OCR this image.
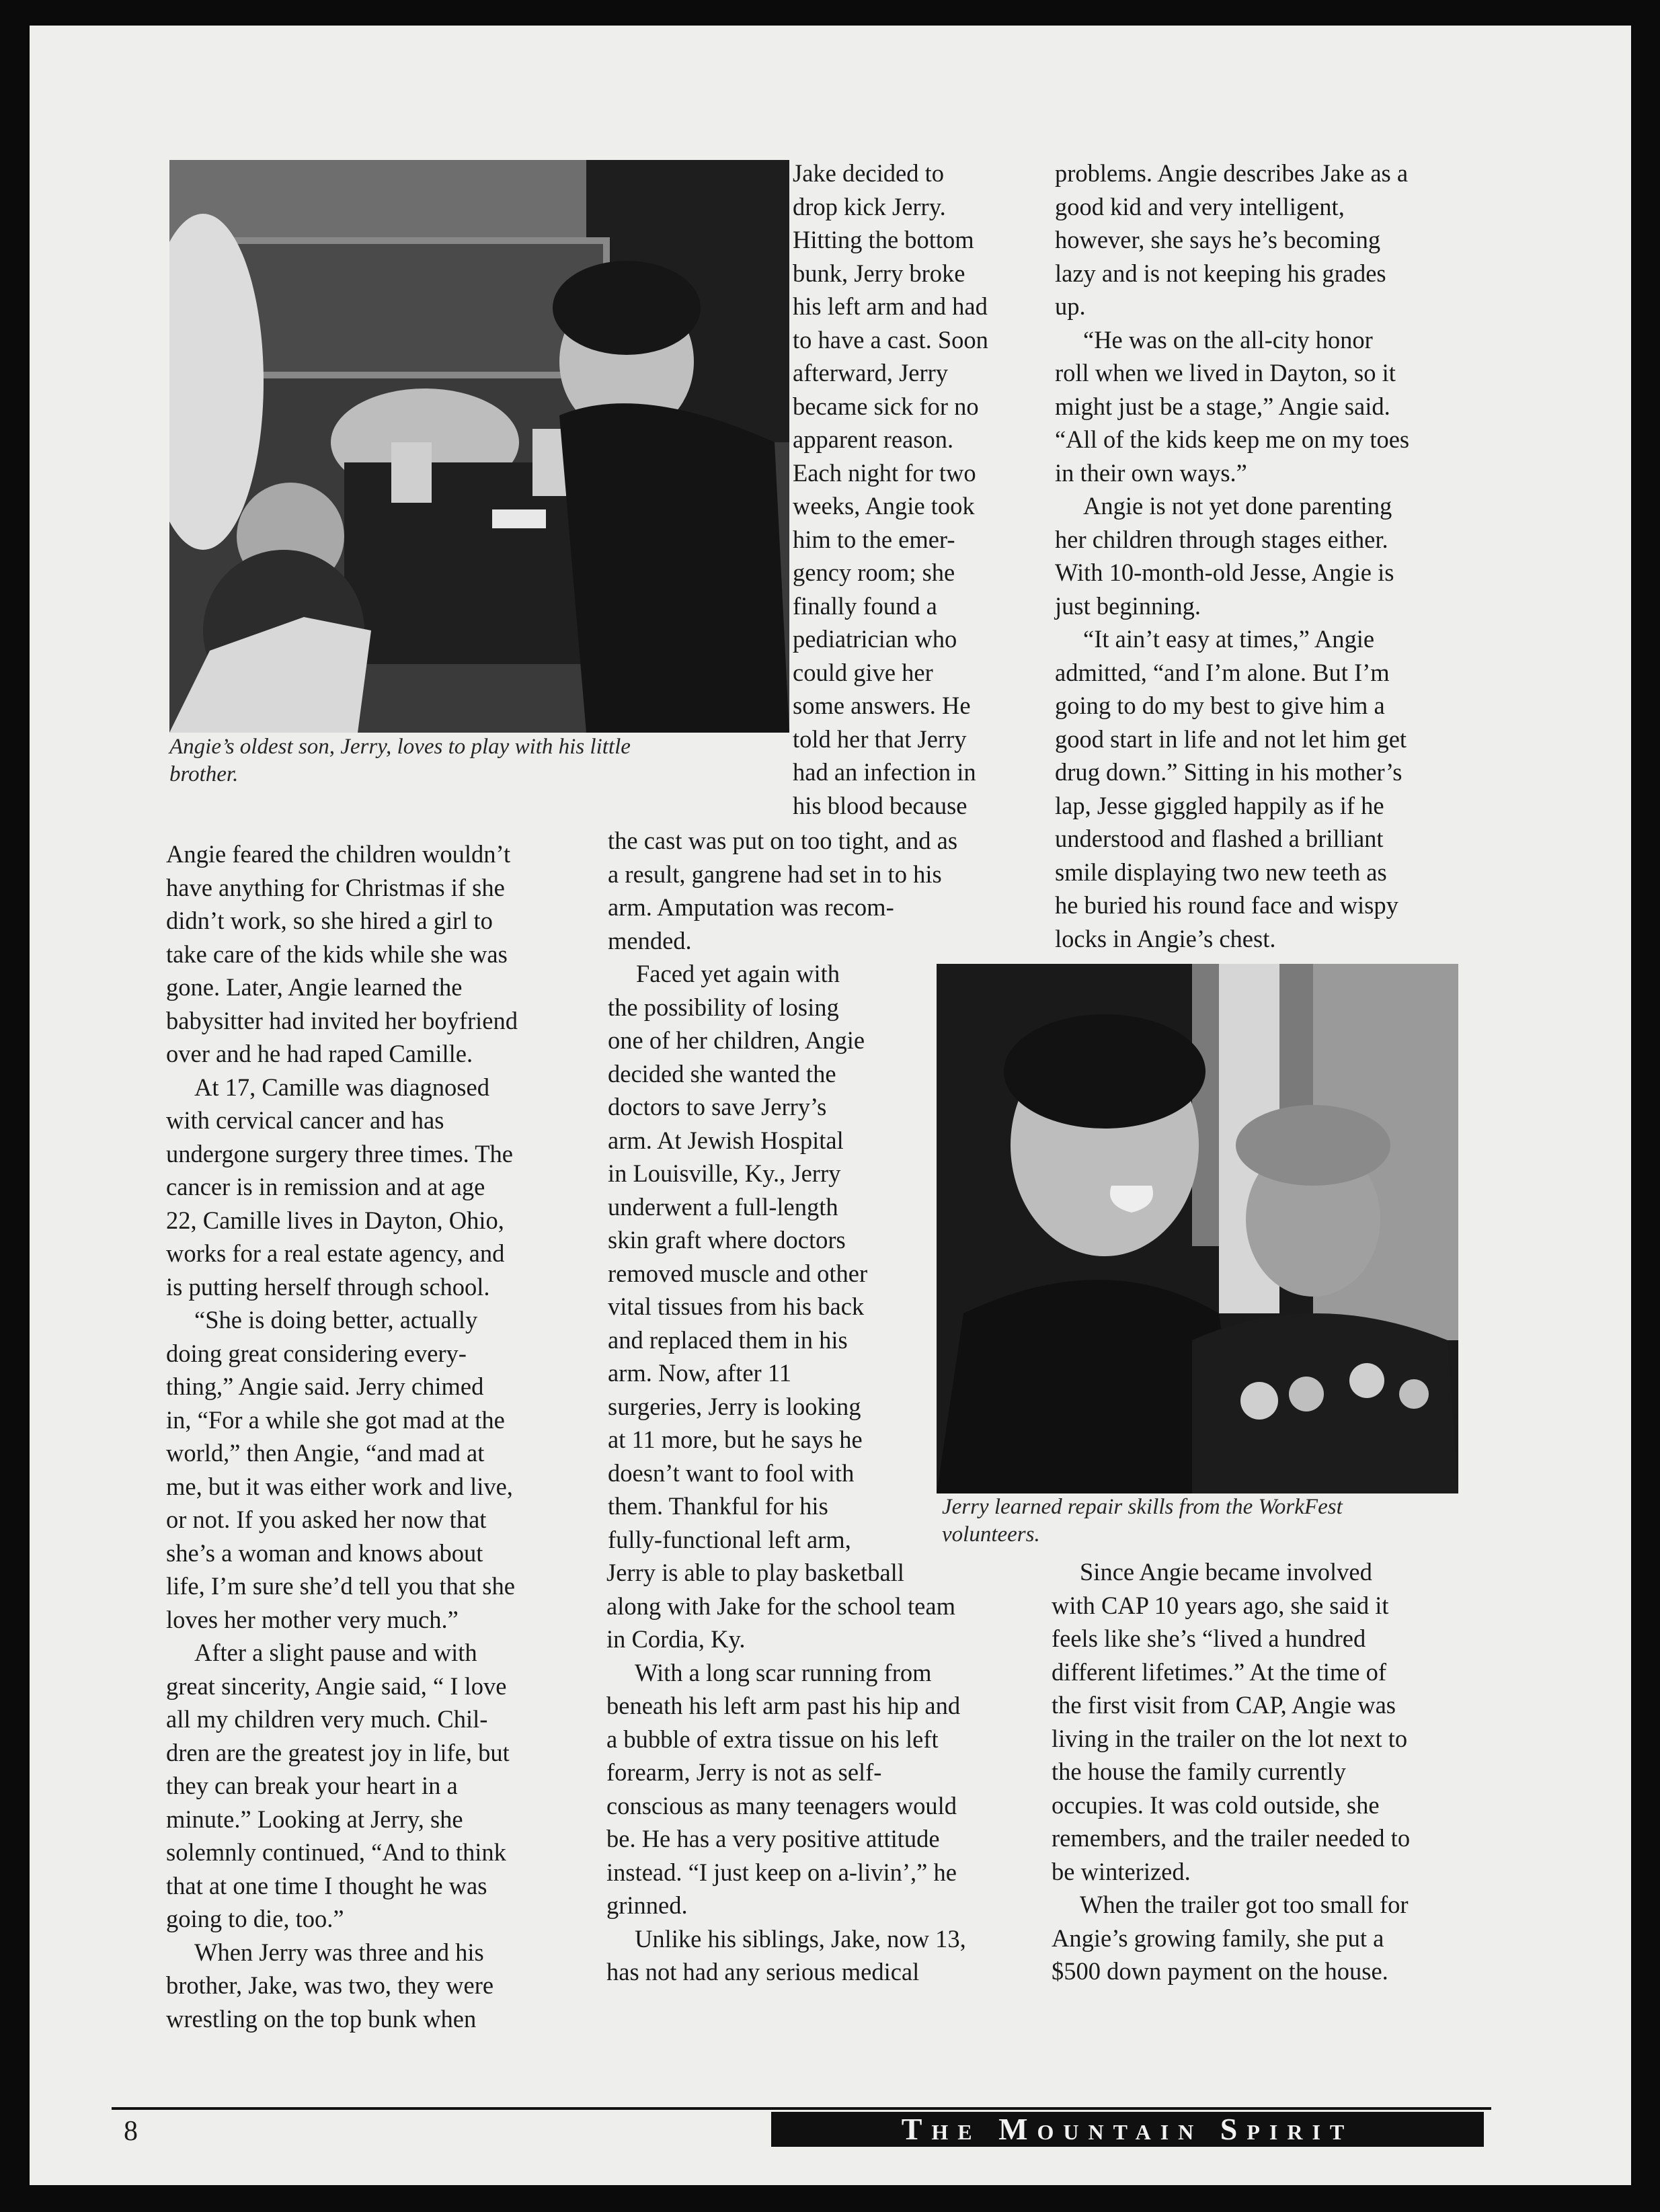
Angie’s oldest son, Jerry, loves to play with his little
brother.
Angie feared the children wouldn’t
have anything for Christmas if she
didn’t work, so she hired a girl to
take care of the kids while she was
gone. Later, Angie learned the
babysitter had invited her boyfriend
over and he had raped Camille.
At 17, Camille was diagnosed
with cervical cancer and has
undergone surgery three times. The
cancer is in remission and at age
22, Camille lives in Dayton, Ohio,
works for a real estate agency, and
is putting herself through school.
“She is doing better, actually
doing great considering every-
thing,” Angie said. Jerry chimed
in, “For a while she got mad at the
world,” then Angie, “and mad at
me, but it was either work and live,
or not. If you asked her now that
she’s a woman and knows about
life, I’m sure she’d tell you that she
loves her mother very much.”
After a slight pause and with
great sincerity, Angie said, “ I love
all my children very much. Chil-
dren are the greatest joy in life, but
they can break your heart in a
minute.” Looking at Jerry, she
solemnly continued, “And to think
that at one time I thought he was
going to die, too.”
When Jerry was three and his
brother, Jake, was two, they were
wrestling on the top bunk when
Jake decided to
drop kick Jerry.
Hitting the bottom
bunk, Jerry broke
his left arm and had
to have a cast. Soon
afterward, Jerry
became sick for no
apparent reason.
Each night for two
weeks, Angie took
him to the emer-
gency room; she
finally found a
pediatrician who
could give her
some answers. He
told her that Jerry
had an infection in
his blood because
the cast was put on too tight, and as
a result, gangrene had set in to his
arm. Amputation was recom-
mended.
Faced yet again with
the possibility of losing
one of her children, Angie
decided she wanted the
doctors to save Jerry’s
arm. At Jewish Hospital
in Louisville, Ky., Jerry
underwent a full-length
skin graft where doctors
removed muscle and other
vital tissues from his back
and replaced them in his
arm. Now, after 11
surgeries, Jerry is looking
at 11 more, but he says he
doesn’t want to fool with
them. Thankful for his
fully-functional left arm,
Jerry is able to play basketball
along with Jake for the school team
in Cordia, Ky.
With a long scar running from
beneath his left arm past his hip and
a bubble of extra tissue on his left
forearm, Jerry is not as self-
conscious as many teenagers would
be. He has a very positive attitude
instead. “I just keep on a-livin’,” he
grinned.
Unlike his siblings, Jake, now 13,
has not had any serious medical
problems. Angie describes Jake as a
good kid and very intelligent,
however, she says he’s becoming
lazy and is not keeping his grades
up.
“He was on the all-city honor
roll when we lived in Dayton, so it
might just be a stage,” Angie said.
“All of the kids keep me on my toes
in their own ways.”
Angie is not yet done parenting
her children through stages either.
With 10-month-old Jesse, Angie is
just beginning.
“It ain’t easy at times,” Angie
admitted, “and I’m alone. But I’m
going to do my best to give him a
good start in life and not let him get
drug down.” Sitting in his mother’s
lap, Jesse giggled happily as if he
understood and flashed a brilliant
smile displaying two new teeth as
he buried his round face and wispy
locks in Angie’s chest.
Jerry learned repair skills from the WorkFest
volunteers.
Since Angie became involved
with CAP 10 years ago, she said it
feels like she’s “lived a hundred
different lifetimes.” At the time of
the first visit from CAP, Angie was
living in the trailer on the lot next to
the house the family currently
occupies. It was cold outside, she
remembers, and the trailer needed to
be winterized.
When the trailer got too small for
Angie’s growing family, she put a
$500 down payment on the house.
8	The Mountain Spirit
